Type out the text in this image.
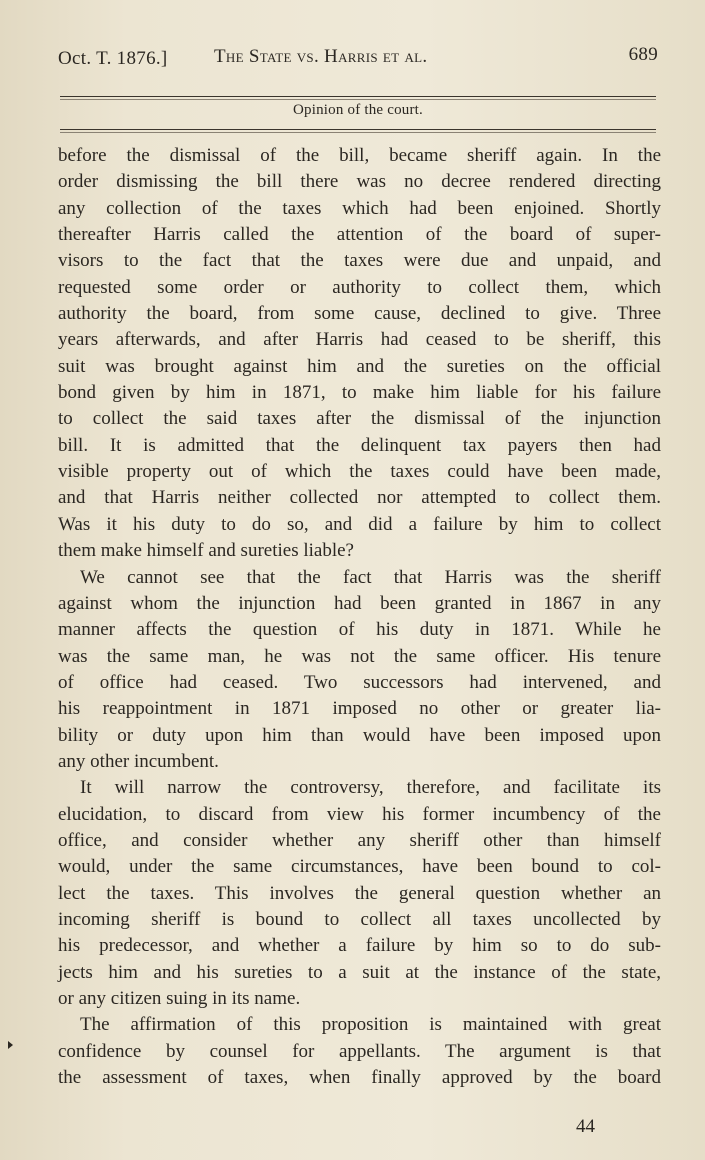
Oct. T. 1876.] The State vs. Harris et al.	689
Opinion of the court.
before the dismissal of the bill, became sheriff again. In the
order dismissing the bill there was no decree rendered directing
any collection of the taxes which had been enjoined. Shortly
thereafter Harris called the attention of the board of super-
visors to the fact that the taxes were due and unpaid, and
requested some order or authority to collect them, which
authority the board, from some cause, declined to give. Three
years afterwards, and after Harris had ceased to be sheriff, this
suit was brought against him and the sureties on the official
bond given by him in 1871, to make him liable for his failure
to collect the said taxes after the dismissal of the injunction
bill. It is admitted that the delinquent tax payers then had
visible property out of which the taxes could have been made,
and that Harris neither collected nor attempted to collect them.
Was it his duty to do so, and did a failure by him to collect
them make himself and sureties liable?
We cannot see that the fact that Harris was the sheriff
against whom the injunction had been granted in 1867 in any
manner affects the question of his duty in 1871. While he
was the same man, he was not the same officer. His tenure
of office had ceased. Two successors had intervened, and
his reappointment in 1871 imposed no other or greater lia-
bility or duty upon him than would have been imposed upon
any other incumbent.
It will narrow the controversy, therefore, and facilitate its
elucidation, to discard from view his former incumbency of the
office, and consider whether any sheriff other than himself
would, under the same circumstances, have been bound to col-
lect the taxes. This involves the general question whether an
incoming sheriff is bound to collect all taxes uncollected by
his predecessor, and whether a failure by him so to do sub-
jects him and his sureties to a suit at the instance of the state,
or any citizen suing in its name.
The affirmation of this proposition is maintained with great
confidence by counsel for appellants. The argument is that
the assessment of taxes, when finally approved by the board
44
